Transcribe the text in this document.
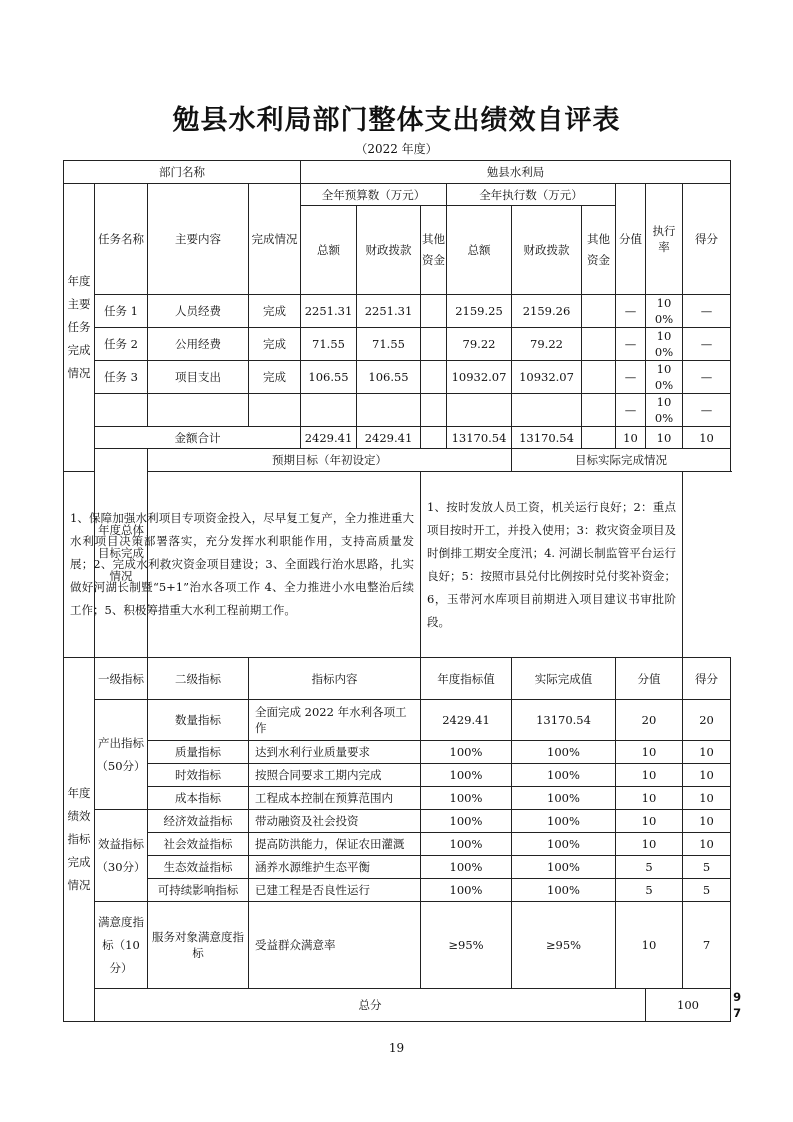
勉县水利局部门整体支出绩效自评表
（2022 年度）
部门名称				勉县水利局									
年度主要任务完成情况	任务名称	主要内容	完成情况	全年预算数（万元）			全年执行数（万元）			分值	执行率	得分	
				总额	财政拨款	其他资金	总额	财政拨款	其他资金				
	任务 1	人员经费	完成	2251.31	2251.31		2159.25	2159.26		—	100%	—	
	任务 2	公用经费	完成	71.55	71.55		79.22	79.22		—	100%	—	
	任务 3	项目支出	完成	106.55	106.55		10932.07	10932.07		—	100%	—	
										—	100%	—	
	金额合计			2429.41	2429.41		13170.54	13170.54		10	10	10	
	年度总体目标完成情况	预期目标（年初设定）						目标实际完成情况					
1、保障加强水利项目专项资金投入，尽早复工复产，全力推进重大水利项目决策部署落实，充分发挥水利职能作用，支持高质量发展；2、完成水利救灾资金项目建设；3、全面践行治水思路，扎实做好河湖长制暨“5+1”治水各项工作 4、全力推进小水电整治后续工作；5、积极筹措重大水利工程前期工作。						1、按时发放人员工资，机关运行良好；2：重点项目按时开工，并投入使用；3：救灾资金项目及时倒排工期安全度汛；4. 河湖长制监管平台运行良好；5：按照市县兑付比例按时兑付奖补资金；6，玉带河水库项目前期进入项目建议书审批阶段。							
年度绩效指标完成情况	一级指标	二级指标	指标内容			年度指标值		实际完成值		分值		得分	
	产出指标（50分）	数量指标	全面完成 2022 年水利各项工作			2429.41		13170.54		20		20	
		质量指标	达到水利行业质量要求			100%		100%		10		10	
		时效指标	按照合同要求工期内完成			100%		100%		10		10	
		成本指标	工程成本控制在预算范围内			100%		100%		10		10	
	效益指标（30分）	经济效益指标	带动融资及社会投资			100%		100%		10		10	
		社会效益指标	提高防洪能力，保证农田灌溉			100%		100%		10		10	
		生态效益指标	涵养水源维护生态平衡			100%		100%		5		5	
		可持续影响指标	已建工程是否良性运行			100%		100%		5		5	
	满意度指标（10分）	服务对象满意度指标	受益群众满意率			≥95%		≥95%		10		7	
	总分										100		97
19
